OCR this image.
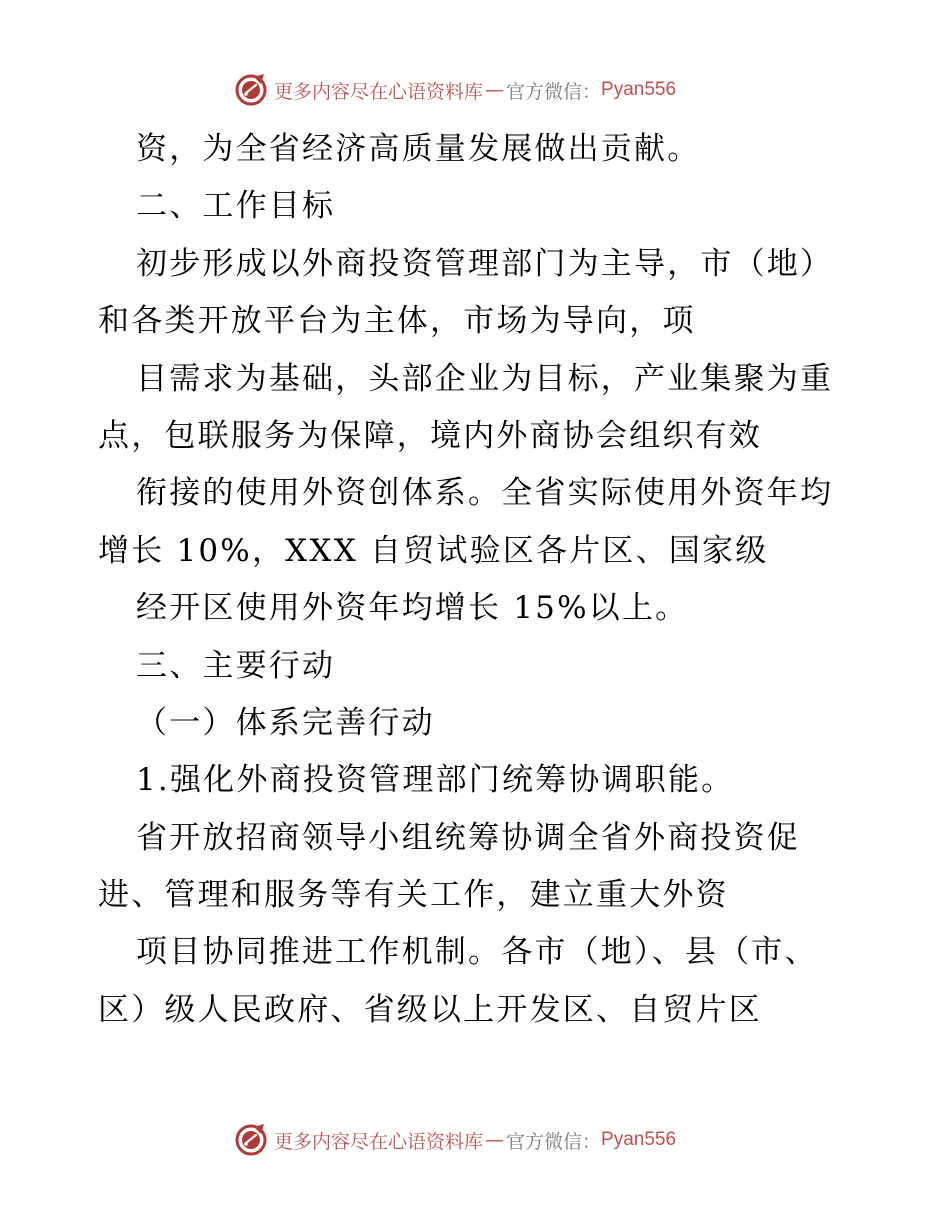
更多内容尽在心语资料库 — 官方微信： Pyan556
资，为全省经济高质量发展做出贡献。
二、工作目标
初步形成以外商投资管理部门为主导，市（地）
和各类开放平台为主体，市场为导向，项
目需求为基础，头部企业为目标，产业集聚为重
点，包联服务为保障，境内外商协会组织有效
衔接的使用外资创体系。全省实际使用外资年均
增长 10%，XXX 自贸试验区各片区、国家级
经开区使用外资年均增长 15%以上。
三、主要行动
（一）体系完善行动
1.强化外商投资管理部门统筹协调职能。
省开放招商领导小组统筹协调全省外商投资促
进、管理和服务等有关工作，建立重大外资
项目协同推进工作机制。各市（地）、县（市、
区）级人民政府、省级以上开发区、自贸片区
更多内容尽在心语资料库 — 官方微信： Pyan556
